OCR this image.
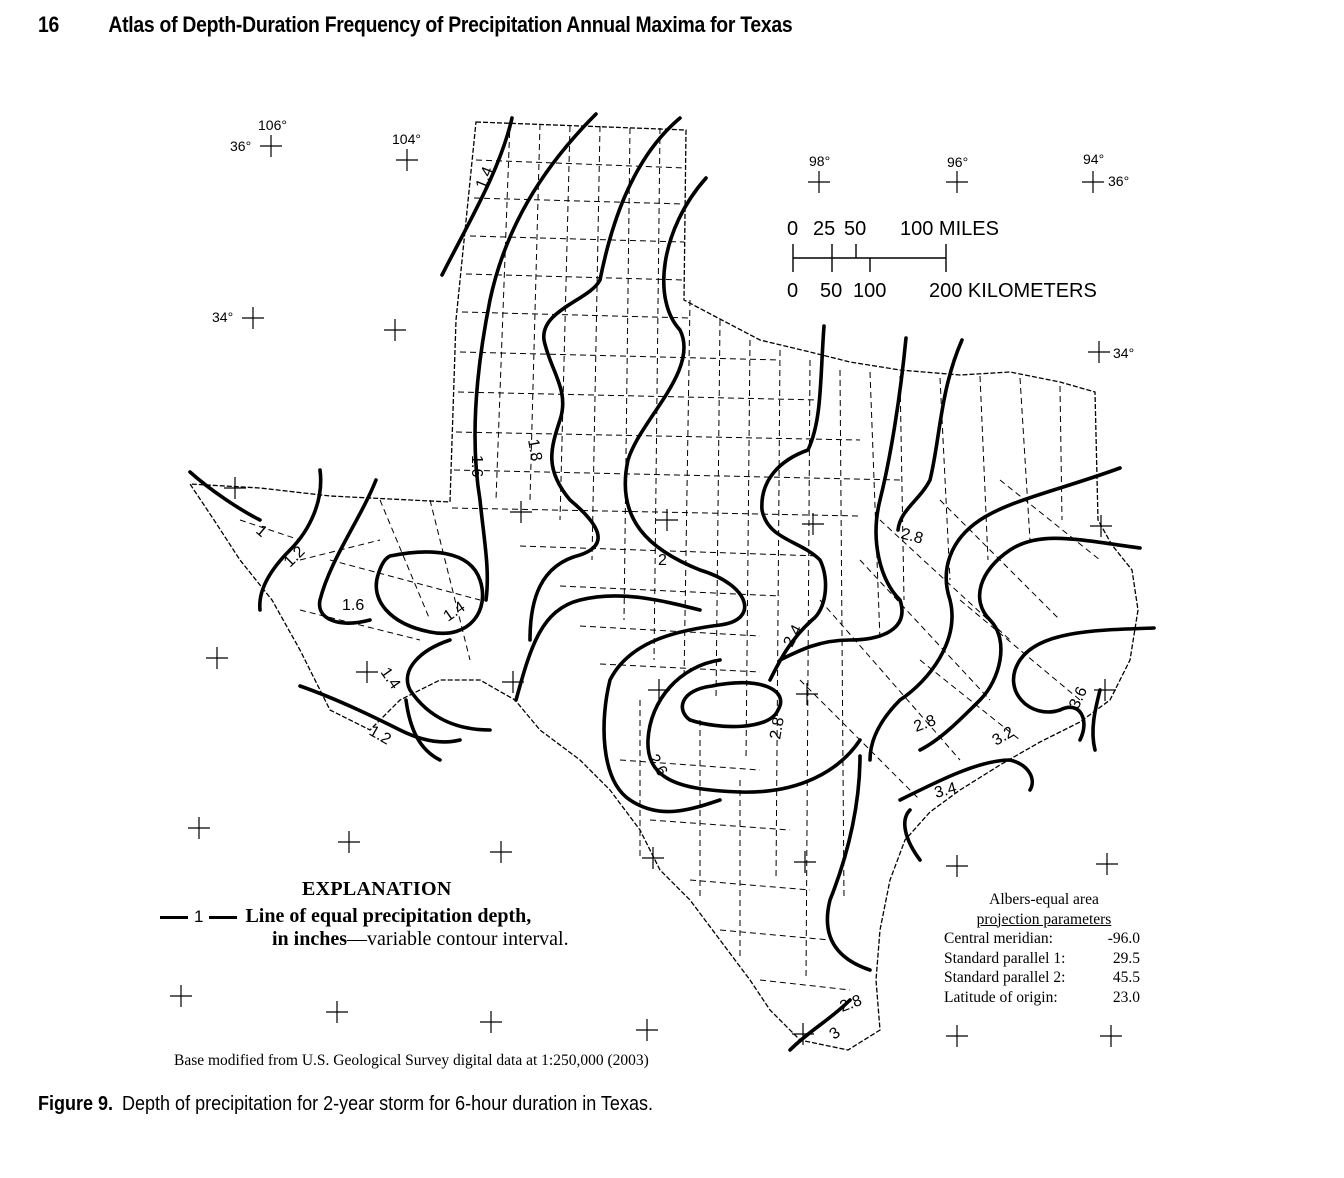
16 Atlas of Depth-Duration Frequency of Precipitation Annual Maxima for Texas
1.4
1.6
1.8
2
1
1.2
1.6	1.4
1.4
1.2
2.4
2.8
2.8
2.6
2.8	3.2
3.4
3.6
2.8
3
106°
36°	104°
98°	96°	94°
36°
34°
34°
0 25 50 100 MILES
0 50 100 200 KILOMETERS
EXPLANATION
1 Line of equal precipitation depth,
in inches—variable contour interval.
Albers-equal area
projection parameters
Central meridian:	-96.0
Standard parallel 1:	29.5
Standard parallel 2:	45.5
Latitude of origin:	23.0
Base modified from U.S. Geological Survey digital data at 1:250,000 (2003)
Figure 9. Depth of precipitation for 2-year storm for 6-hour duration in Texas.
